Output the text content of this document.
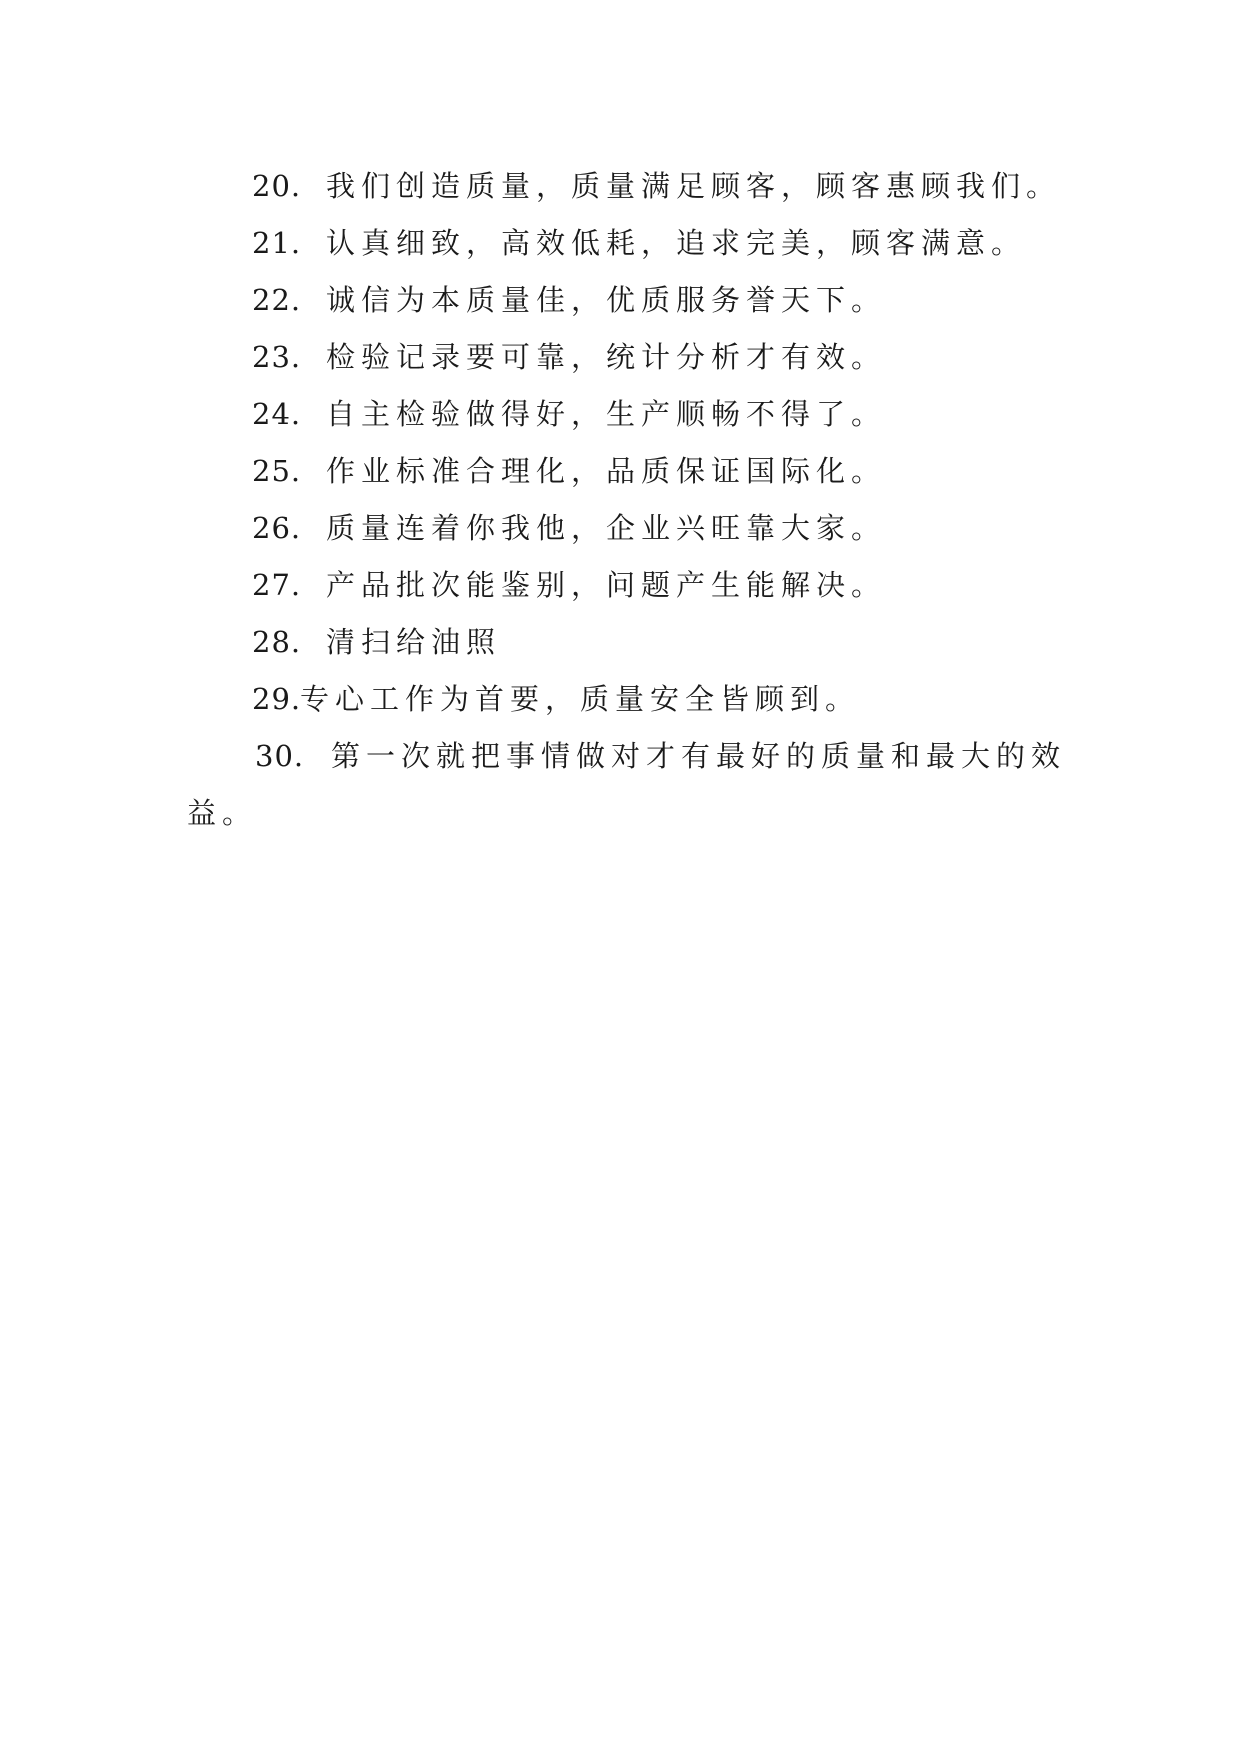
20. 我们创造质量，质量满足顾客，顾客惠顾我们。
21. 认真细致，高效低耗，追求完美，顾客满意。
22. 诚信为本质量佳，优质服务誉天下。
23. 检验记录要可靠，统计分析才有效。
24. 自主检验做得好，生产顺畅不得了。
25. 作业标准合理化，品质保证国际化。
26. 质量连着你我他，企业兴旺靠大家。
27. 产品批次能鉴别，问题产生能解决。
28. 清扫给油照
29.专心工作为首要，质量安全皆顾到。
30. 第一次就把事情做对才有最好的质量和最大的效
益。
